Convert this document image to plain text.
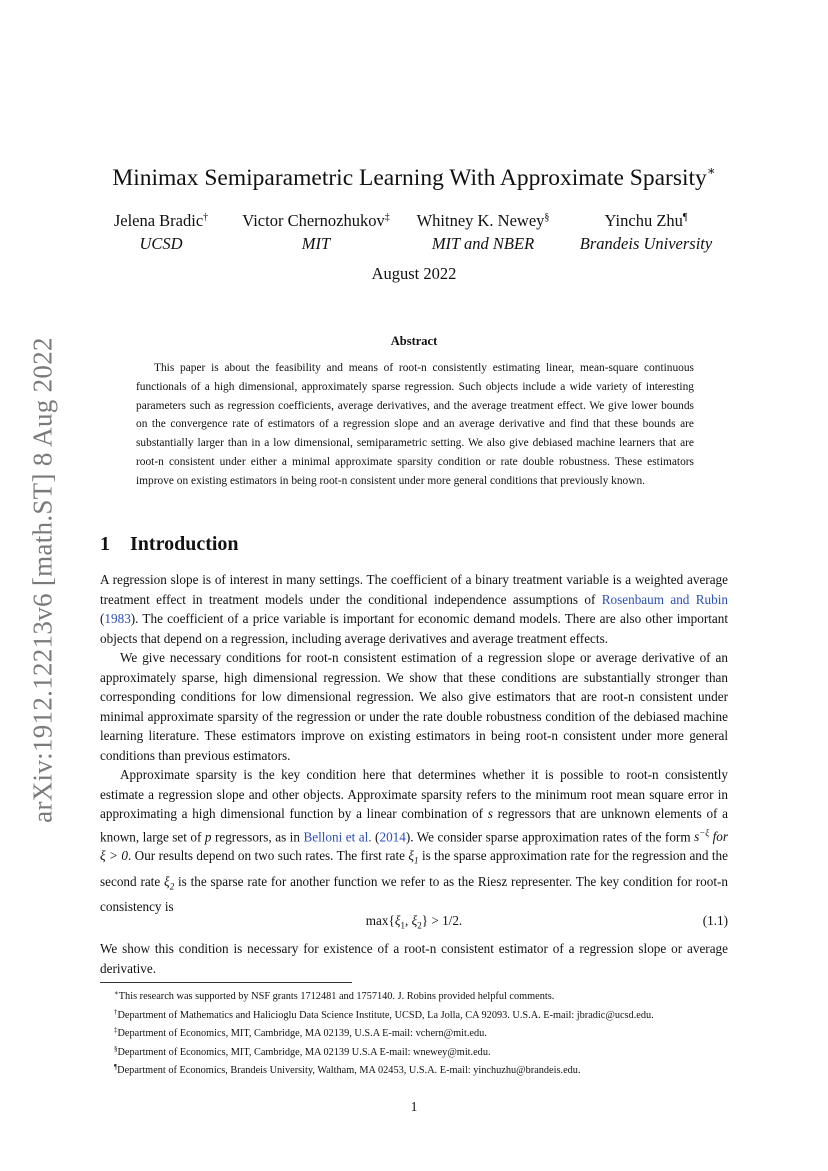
arXiv:1912.12213v6 [math.ST] 8 Aug 2022
Minimax Semiparametric Learning With Approximate Sparsity∗
Jelena Bradic†
UCSD
Victor Chernozhukov‡
MIT
Whitney K. Newey§
MIT and NBER
Yinchu Zhu¶
Brandeis University
August 2022
Abstract

This paper is about the feasibility and means of root-n consistently estimating linear, mean-square continuous functionals of a high dimensional, approximately sparse regression. Such objects include a wide variety of interesting parameters such as regression coefficients, average derivatives, and the average treatment effect. We give lower bounds on the convergence rate of estimators of a regression slope and an average derivative and find that these bounds are substantially larger than in a low dimensional, semiparametric setting. We also give debiased machine learners that are root-n consistent under either a minimal approximate sparsity condition or rate double robustness. These estimators improve on existing estimators in being root-n consistent under more general conditions that previously known.

1 Introduction

A regression slope is of interest in many settings. The coefficient of a binary treatment variable is a weighted average treatment effect in treatment models under the conditional independence assumptions of Rosenbaum and Rubin (1983). The coefficient of a price variable is important for economic demand models. There are also other important objects that depend on a regression, including average derivatives and average treatment effects.

We give necessary conditions for root-n consistent estimation of a regression slope or average derivative of an approximately sparse, high dimensional regression. We show that these conditions are substantially stronger than corresponding conditions for low dimensional regression. We also give estimators that are root-n consistent under minimal approximate sparsity of the regression or under the rate double robustness condition of the debiased machine learning literature. These estimators improve on existing estimators in being root-n consistent under more general conditions than previous estimators.

Approximate sparsity is the key condition here that determines whether it is possible to root-n consistently estimate a regression slope and other objects. Approximate sparsity refers to the minimum root mean square error in approximating a high dimensional function by a linear combination of s regressors that are unknown elements of a known, large set of p regressors, as in Belloni et al. (2014). We consider sparse approximation rates of the form $s^{-\xi}$ for ξ > 0. Our results depend on two such rates. The first rate $\xi_1$ is the sparse approximation rate for the regression and the second rate $\xi_2$ is the sparse rate for another function we refer to as the Riesz representer. The key condition for root-n consistency is

$\max\{\xi_1$, $\xi_2\} > 1/2$.	(1.1)

We show this condition is necessary for existence of a root-n consistent estimator of a regression slope or average derivative.

∗This research was supported by NSF grants 1712481 and 1757140. J. Robins provided helpful comments.
†Department of Mathematics and Halicioglu Data Science Institute, UCSD, La Jolla, CA 92093. U.S.A. E-mail: jbradic@ucsd.edu.
‡Department of Economics, MIT, Cambridge, MA 02139, U.S.A E-mail: vchern@mit.edu.
§Department of Economics, MIT, Cambridge, MA 02139 U.S.A E-mail: wnewey@mit.edu.
¶Department of Economics, Brandeis University, Waltham, MA 02453, U.S.A. E-mail: yinchuzhu@brandeis.edu.
1
